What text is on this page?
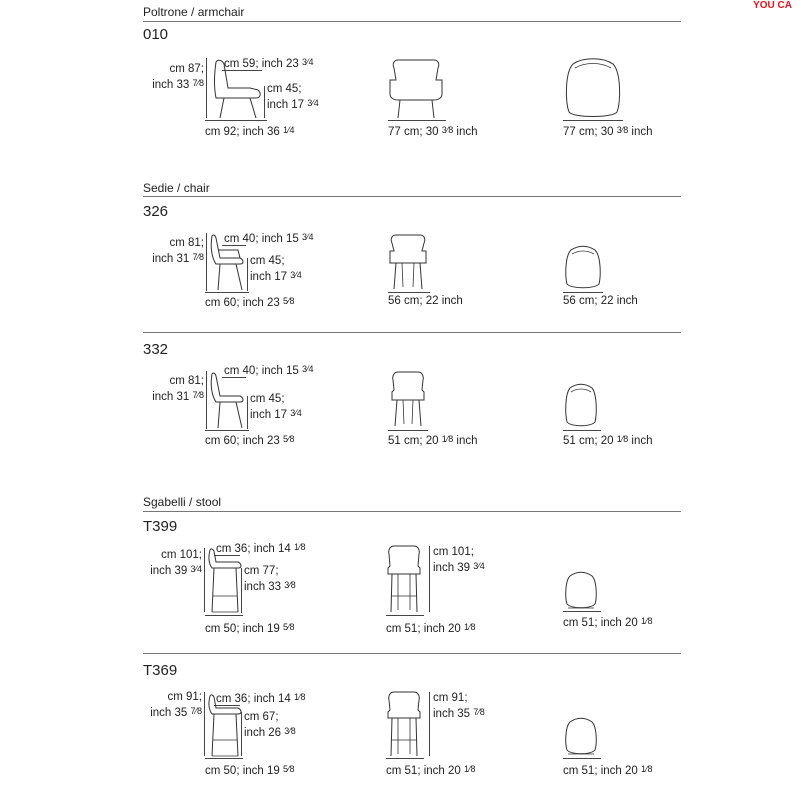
YOU CA
Poltrone / armchair
010
cm 87;
inch 33 7⁄8
cm 59; inch 23 3⁄4
cm 45;
inch 17 3⁄4
cm 92; inch 36 1⁄4	77 cm; 30 3⁄8 inch	77 cm; 30 3⁄8 inch
Sedie / chair
326
cm 81;
inch 31 7⁄8
cm 40; inch 15 3⁄4
cm 45;
inch 17 3⁄4
cm 60; inch 23 5⁄8	56 cm; 22 inch	56 cm; 22 inch
332
cm 81;
inch 31 7⁄8
cm 40; inch 15 3⁄4
cm 45;
inch 17 3⁄4
cm 60; inch 23 5⁄8	51 cm; 20 1⁄8 inch	51 cm; 20 1⁄8 inch
Sgabelli / stool
T399
cm 101;
inch 39 3⁄4
cm 36; inch 14 1⁄8
cm 77;
inch 33 3⁄8
cm 50; inch 19 5⁄8
cm 101;
inch 39 3⁄4
cm 51; inch 20 1⁄8	cm 51; inch 20 1⁄8
T369
cm 91;
inch 35 7⁄8
cm 36; inch 14 1⁄8
cm 67;
inch 26 3⁄8
cm 50; inch 19 5⁄8
cm 91;
inch 35 7⁄8
cm 51; inch 20 1⁄8	cm 51; inch 20 1⁄8
